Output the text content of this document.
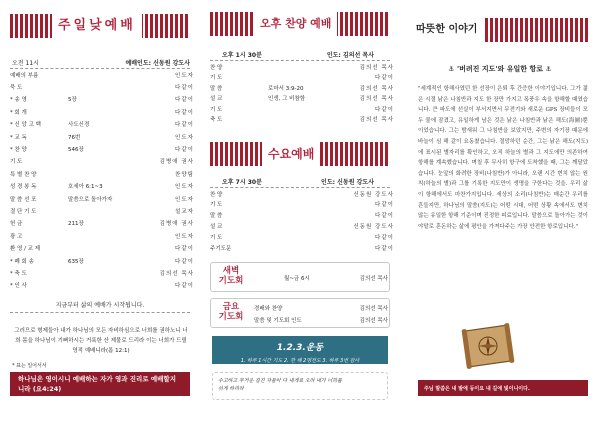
주일낮예배
오전 11시	예배인도: 신동원 강도사
예배의 부름	인도자
묵 도	다같이
* 송 영	5장	다같이
* 회 개	다같이
* 신 앙 고 백	사도신경	다같이
* 교 독	76번	인도자
* 찬 양	546장	다같이
기 도	김병애 권사
특 별 찬 양	찬양팀
성 경 봉 독	호세아 6:1~3	인도자
말 씀 선 포	말씀으로 돌아가자	인도자
결 단 기 도	설교자
헌 금	211장	김병애 권사
광 고	인도자
환 영 / 교 제	다같이
* 폐 회 송	635장	다같이
* 축 도	김의선 목사
* 인 사	다같이
지금부터 삶의 예배가 시작됩니다.
그러므로 형제들아 내가 하나님의 모든 자비하심으로 너희를 권하노니 너희 몸을 하나님이 기뻐하시는 거룩한 산 제물로 드리라 이는 너희가 드릴 영적 예배니라(롬 12:1)
* 표는 일어서서
하나님은 영이시니 예배하는 자가 영과 진리로 예배할지니라 (요4:24)
오후 찬양 예배
오후 1시 30분	인도: 김의선 목사
찬 양	김의선 목사
기 도	다같이
말 씀	로마서 3:9-20	김의선 목사
설 교	인생, 그 비참함	김의선 목사
기 도	다같이
축 도	김의선 목사
수요예배
오후 7시 30분	인도: 신동원 강도사
찬 양	신동원 강도사
기 도	다같이
말 씀	다같이
설 교	신동원 강도사
기 도	다같이
주기도문	다같이
새벽
기도회	월~금 6시	김의선 목사
금요
기도회
경배와 찬양	김의선 목사
말씀 및 기도회 인도	김의선 목사
1.2.3.운동
1. 하루 1시간 기도 2. 한 해 2명전도 3. 하루 3번 감사
수고하고 무거운 짐진 자들아 다 내게로 오라 내가 너희를 쉬게 하리라
따뜻한 이야기
⚓ '버려진 지도'와 유일한 항로 ⚓
"세계적인 항해사였던 한 선장이 은퇴 후 간증한 이야기입니다. 그가 젊은 시절 낡은 나침반과 지도 한 장만 가지고 폭풍우 속을 항해할 때였습니다. 큰 파도에 선실이 부서지면서 무전기와 새로운 GPS 장비들이 모두 물에 잠겼고, 유일하게 남은 것은 낡은 나침반과 낡은 해도(海圖)뿐이었습니다. 그는 밤새워 그 나침반을 보았지만, 주변의 자기장 때문에 바늘이 심 해 같이 요동쳤습니다. 절망하던 순간, 그는 낡은 해도(지도)에 표시된 별자리를 확인하고, 오직 하늘의 별과 그 지도에만 의존하여 항해를 계속했습니다. 며칠 후 무사히 항구에 도착했을 때, 그는 깨달았습니다. 눈앞의 화려한 장비(나침반)가 아니라, 오랜 시간 변치 않는 원칙(하늘의 별)과 그를 기록한 지도만이 생명을 구한다는 것을. 우리 삶이 항해에서도 마찬가지입니다. 세상의 소리(나침반)는 매순간 우리를 흔들지만, 하나님의 말씀(지도)는 어떤 시대, 어떤 상황 속에서도 변치 않는 유일한 항해 기준이며 진정한 피료입니다. 말씀으로 돌아가는 것이야말로 혼돈하는 삶에 평안을 가져다주는 가장 안전한 항로입니다."
주님 말씀은 내 발에 등이요 내 길에 빛이니이다.
